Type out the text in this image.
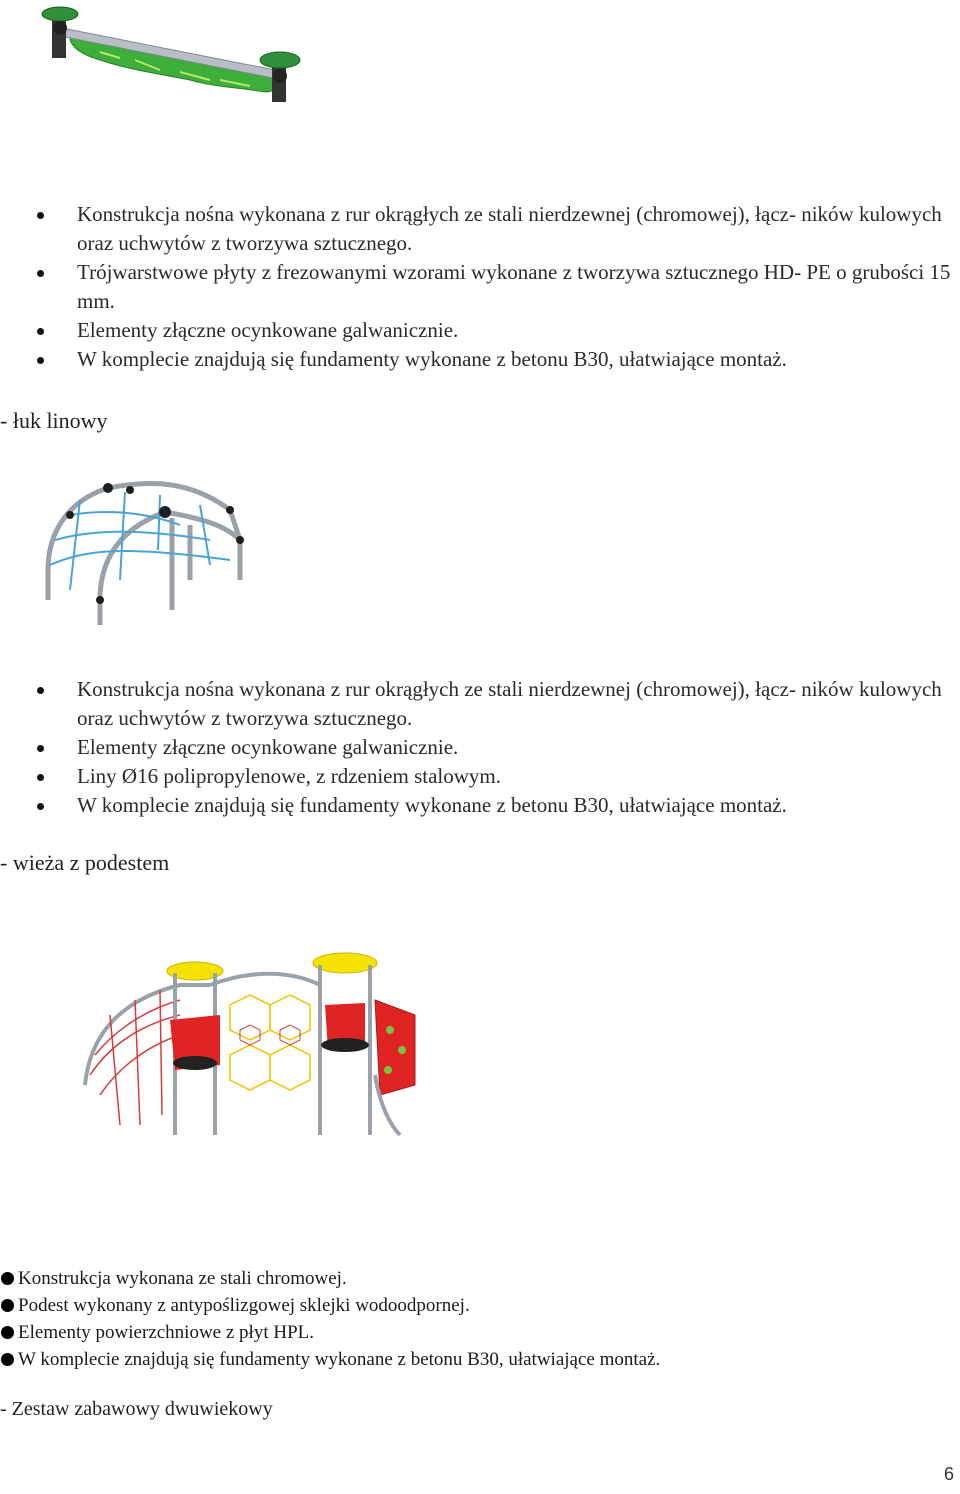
Konstrukcja nośna wykonana z rur okrągłych ze stali nierdzewnej (chromowej), łącz- ników kulowych oraz uchwytów z tworzywa sztucznego.
Trójwarstwowe płyty z frezowanymi wzorami wykonane z tworzywa sztucznego HD- PE o grubości 15 mm.
Elementy złączne ocynkowane galwanicznie.
W komplecie znajdują się fundamenty wykonane z betonu B30, ułatwiające montaż.
- łuk linowy
Konstrukcja nośna wykonana z rur okrągłych ze stali nierdzewnej (chromowej), łącz- ników kulowych oraz uchwytów z tworzywa sztucznego.
Elementy złączne ocynkowane galwanicznie.
Liny Ø16 polipropylenowe, z rdzeniem stalowym.
W komplecie znajdują się fundamenty wykonane z betonu B30, ułatwiające montaż.
- wieża z podestem
Konstrukcja wykonana ze stali chromowej.
Podest wykonany z antypoślizgowej sklejki wodoodpornej.
Elementy powierzchniowe z płyt HPL.
W komplecie znajdują się fundamenty wykonane z betonu B30, ułatwiające montaż.
- Zestaw zabawowy dwuwiekowy
6
